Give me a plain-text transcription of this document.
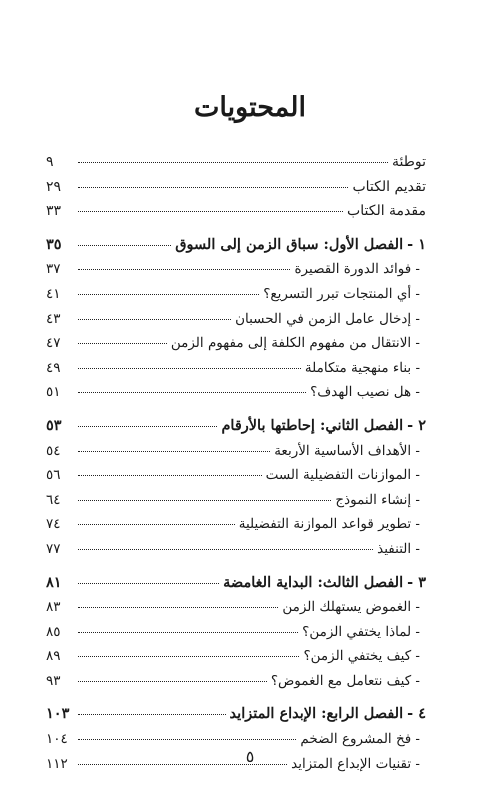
المحتويات
توطئة
٩
تقديم الكتاب
٢٩
مقدمة الكتاب
٣٣
١ -
الفصل الأول: سباق الزمن إلى السوق
٣٥
- فوائد الدورة القصيرة
٣٧
- أي المنتجات تبرر التسريع؟
٤١
- إدخال عامل الزمن في الحسبان
٤٣
- الانتقال من مفهوم الكلفة إلى مفهوم الزمن
٤٧
- بناء منهجية متكاملة
٤٩
- هل نصيب الهدف؟
٥١
٢ -
الفصل الثاني: إحاطتها بالأرقام
٥٣
- الأهداف الأساسية الأربعة
٥٤
- الموازنات التفضيلية الست
٥٦
- إنشاء النموذج
٦٤
- تطوير قواعد الموازنة التفضيلية
٧٤
- التنفيذ
٧٧
٣ -
الفصل الثالث: البداية الغامضة
٨١
- الغموض يستهلك الزمن
٨٣
- لماذا يختفي الزمن؟
٨٥
- كيف يختفي الزمن؟
٨٩
- كيف نتعامل مع الغموض؟
٩٣
٤ -
الفصل الرابع: الإبداع المتزايد
١٠٣
- فخ المشروع الضخم
١٠٤
- تقنيات الإبداع المتزايد
١١٢	٥
